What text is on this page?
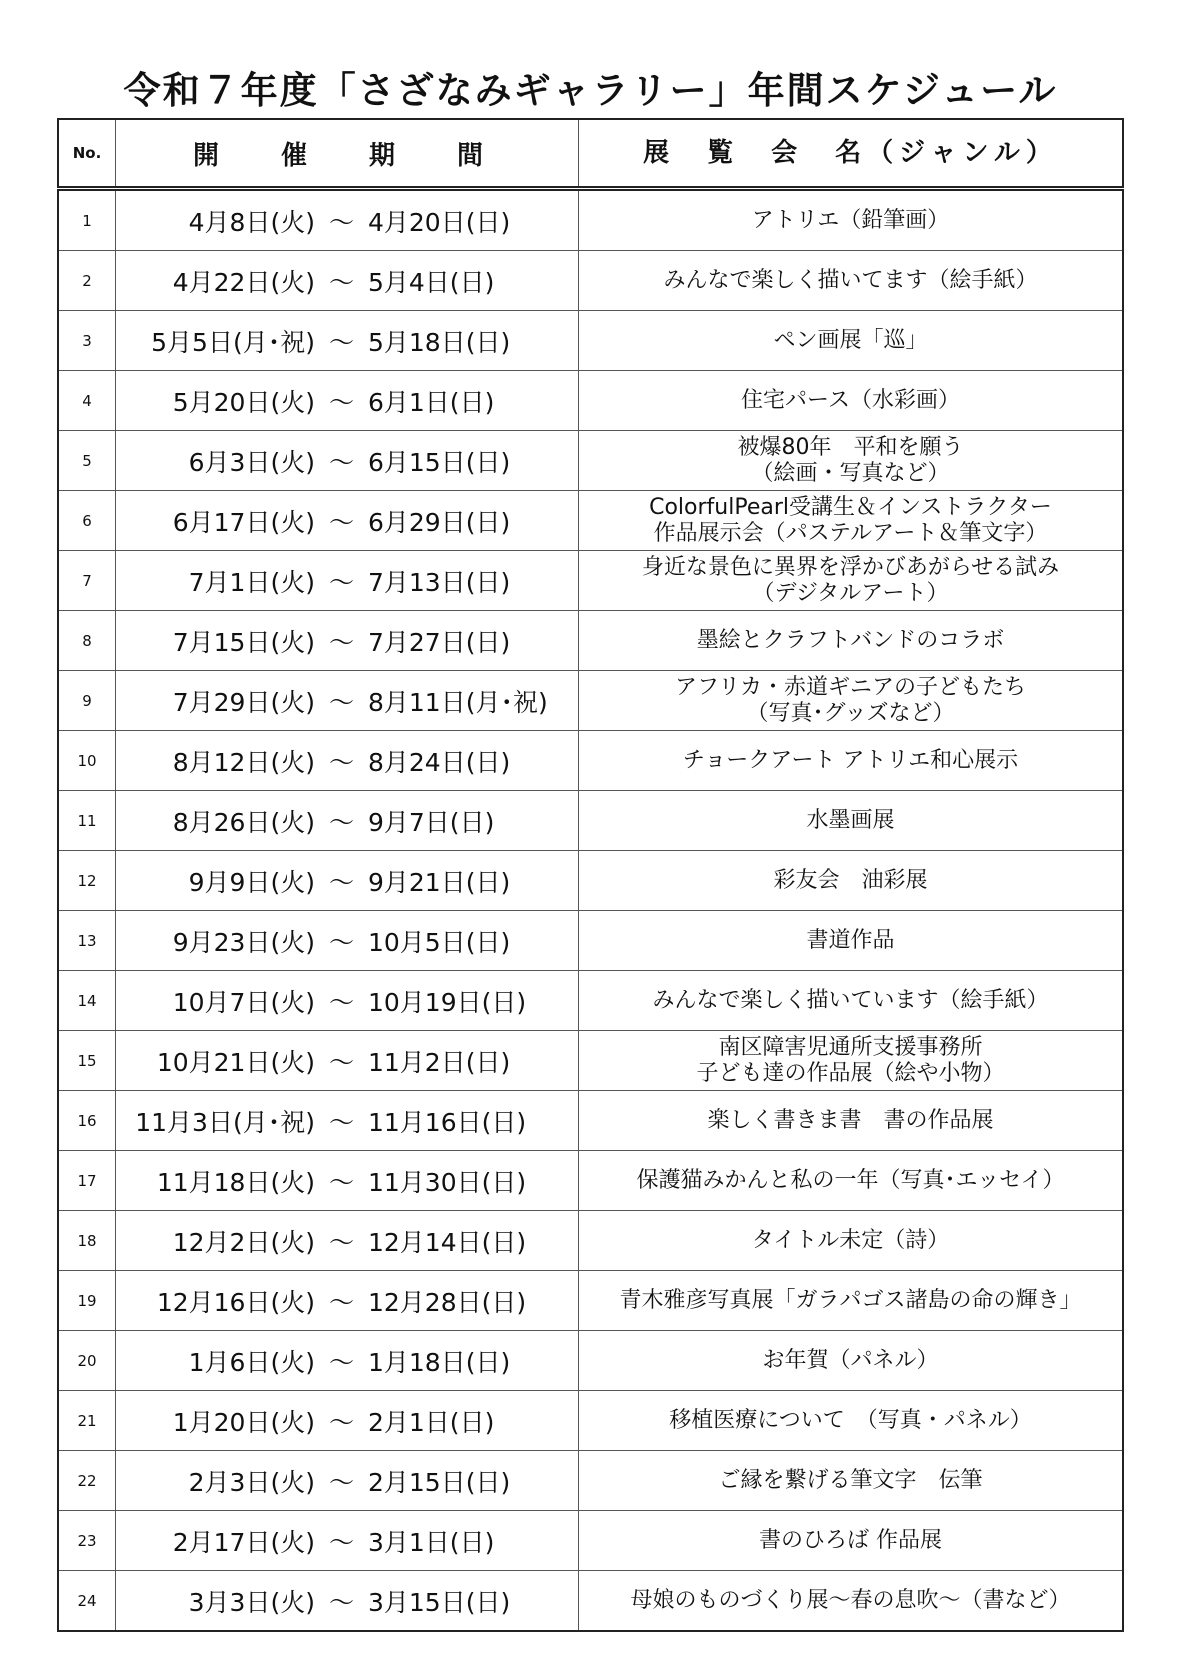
令和７年度「さざなみギャラリー」年間スケジュール
No.	開　催　期　間	展　覧　会　名（ジャンル）
1	4月8日(火) ～ 4月20日(日)	アトリエ（鉛筆画）

2	4月22日(火) ～ 5月4日(日)	みんなで楽しく描いてます（絵手紙）

3	5月5日(月･祝) ～ 5月18日(日)	ペン画展「巡」

4	5月20日(火) ～ 6月1日(日)	住宅パース（水彩画）

5	6月3日(火) ～ 6月15日(日)	被爆80年　平和を願う
（絵画・写真など）

6	6月17日(火) ～ 6月29日(日)	ColorfulPearl受講生＆インストラクター
作品展示会（パステルアート＆筆文字）

7	7月1日(火) ～ 7月13日(日)	身近な景色に異界を浮かびあがらせる試み
（デジタルアート）

8	7月15日(火) ～ 7月27日(日)	墨絵とクラフトバンドのコラボ

9	7月29日(火) ～ 8月11日(月･祝)	アフリカ・赤道ギニアの子どもたち
（写真･グッズなど）

10	8月12日(火) ～ 8月24日(日)	チョークアート アトリエ和心展示

11	8月26日(火) ～ 9月7日(日)	水墨画展

12	9月9日(火) ～ 9月21日(日)	彩友会　油彩展

13	9月23日(火) ～ 10月5日(日)	書道作品

14	10月7日(火) ～ 10月19日(日)	みんなで楽しく描いています（絵手紙）

15	10月21日(火) ～ 11月2日(日)	南区障害児通所支援事務所
子ども達の作品展（絵や小物）

16	11月3日(月･祝) ～ 11月16日(日)	楽しく書きま書　書の作品展

17	11月18日(火) ～ 11月30日(日)	保護猫みかんと私の一年（写真･エッセイ）

18	12月2日(火) ～ 12月14日(日)	タイトル未定（詩）

19	12月16日(火) ～ 12月28日(日)	青木雅彦写真展「ガラパゴス諸島の命の輝き」

20	1月6日(火) ～ 1月18日(日)	お年賀（パネル）

21	1月20日(火) ～ 2月1日(日)	移植医療について　（写真・パネル）

22	2月3日(火) ～ 2月15日(日)	ご縁を繋げる筆文字　伝筆

23	2月17日(火) ～ 3月1日(日)	書のひろば 作品展

24	3月3日(火) ～ 3月15日(日)	母娘のものづくり展～春の息吹～（書など）
